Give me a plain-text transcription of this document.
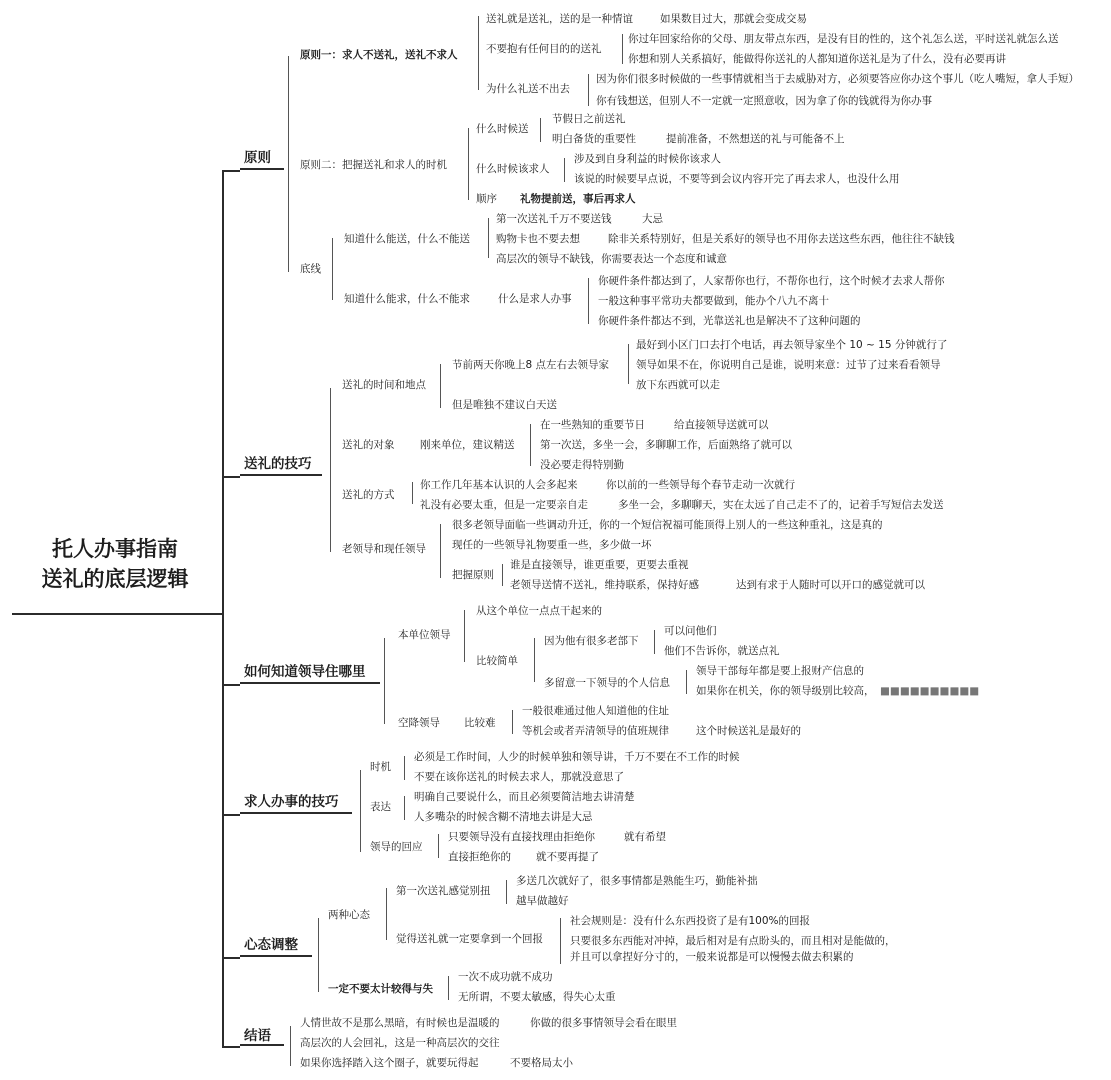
托人办事指南
送礼的底层逻辑
原则
送礼的技巧
如何知道领导住哪里
求人办事的技巧
心态调整
结语
原则一：求人不送礼，送礼不求人
送礼就是送礼，送的是一种情谊	如果数目过大，那就会变成交易
不要抱有任何目的的送礼
你过年回家给你的父母、朋友带点东西，是没有目的性的，这个礼怎么送，平时送礼就怎么送
你想和别人关系搞好，能做得你送礼的人都知道你送礼是为了什么，没有必要再讲
为什么礼送不出去
因为你们很多时候做的一些事情就相当于去威胁对方，必须要答应你办这个事儿（吃人嘴短，拿人手短）
你有钱想送，但别人不一定就一定照意收，因为拿了你的钱就得为你办事
原则二：把握送礼和求人的时机
什么时候送
节假日之前送礼
明白备货的重要性	提前准备，不然想送的礼与可能备不上
什么时候该求人
涉及到自身利益的时候你该求人
该说的时候要早点说，不要等到会议内容开完了再去求人，也没什么用
顺序 礼物提前送，事后再求人
底线
知道什么能送，什么不能送
第一次送礼千万不要送钱	大忌
购物卡也不要去想	除非关系特别好，但是关系好的领导也不用你去送这些东西，他往往不缺钱
高层次的领导不缺钱，你需要表达一个态度和诚意
知道什么能求，什么不能求	什么是求人办事
你硬件条件都达到了，人家帮你也行，不帮你也行，这个时候才去求人帮你
一般这种事平常功夫都要做到，能办个八九不离十
你硬件条件都达不到，光靠送礼也是解决不了这种问题的
送礼的时间和地点
节前两天你晚上8 点左右去领导家
最好到小区门口去打个电话，再去领导家坐个 10 ~ 15 分钟就行了
领导如果不在，你说明自己是谁，说明来意：过节了过来看看领导
放下东西就可以走
但是唯独不建议白天送
送礼的对象 刚来单位，建议精送
在一些熟知的重要节日	给直接领导送就可以
第一次送，多坐一会，多聊聊工作，后面熟络了就可以
没必要走得特别勤
送礼的方式
你工作几年基本认识的人会多起来	你以前的一些领导每个春节走动一次就行
礼没有必要太重，但是一定要亲自走	多坐一会，多聊聊天，实在太远了自己走不了的，记着手写短信去发送
老领导和现任领导
很多老领导面临一些调动升迁，你的一个短信祝福可能顶得上别人的一些这种重礼，这是真的
现任的一些领导礼物要重一些，多少做一坏
把握原则
谁是直接领导，谁更重要，更要去重视
老领导送情不送礼，维持联系，保持好感	达到有求于人随时可以开口的感觉就可以
本单位领导
从这个单位一点点干起来的
比较简单
因为他有很多老部下
可以问他们
他们不告诉你，就送点礼
多留意一下领导的个人信息
领导干部每年都是要上报财产信息的
如果你在机关，你的领导级别比较高， ■■■■■■■■■■
空降领导 比较难
一般很难通过他人知道他的住址
等机会或者弄清领导的值班规律	这个时候送礼是最好的
时机
必须是工作时间，人少的时候单独和领导讲，千万不要在不工作的时候
不要在该你送礼的时候去求人，那就没意思了
表达
明确自己要说什么，而且必须要简洁地去讲清楚
人多嘴杂的时候含糊不清地去讲是大忌
领导的回应
只要领导没有直接找理由拒绝你	就有希望
直接拒绝你的 就不要再提了
两种心态
第一次送礼感觉别扭
多送几次就好了，很多事情都是熟能生巧，勤能补拙
越早做越好
觉得送礼就一定要拿到一个回报
社会规则是：没有什么东西投资了是有100%的回报
只要很多东西能对冲掉，最后相对是有点盼头的，而且相对是能做的，
并且可以拿捏好分寸的，一般来说都是可以慢慢去做去积累的
一定不要太计较得与失
一次不成功就不成功
无所谓，不要太敏感，得失心太重
人情世故不是那么黑暗，有时候也是温暖的	你做的很多事情领导会看在眼里
高层次的人会回礼，这是一种高层次的交往
如果你选择踏入这个圈子，就要玩得起	不要格局太小
